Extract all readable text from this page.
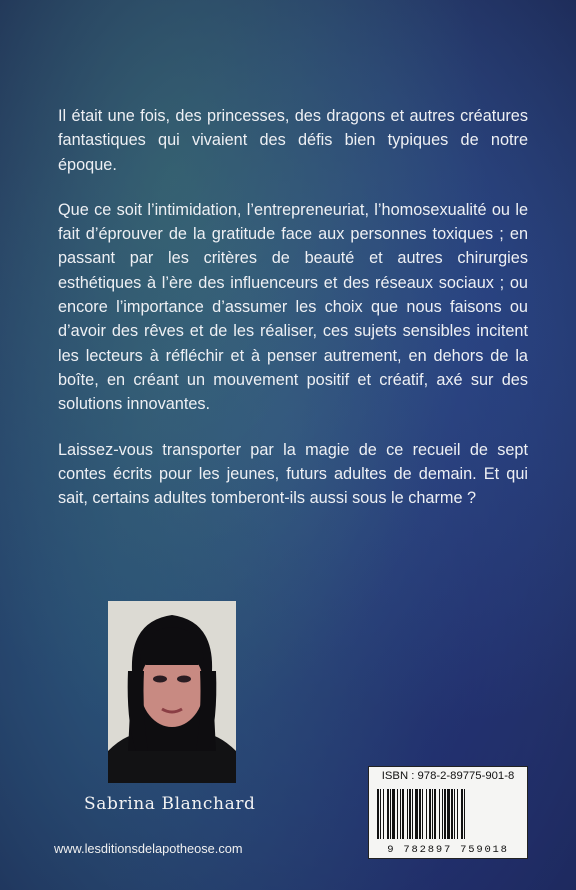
Il était une fois, des princesses, des dragons et autres créatures fantastiques qui vivaient des défis bien typiques de notre époque.

Que ce soit l’intimidation, l’entrepreneuriat, l’homosexualité ou le fait d’éprouver de la gratitude face aux personnes toxiques ; en passant par les critères de beauté et autres chirurgies esthétiques à l’ère des influenceurs et des réseaux sociaux ; ou encore l’importance d’assumer les choix que nous faisons ou d’avoir des rêves et de les réaliser, ces sujets sensibles incitent les lecteurs à réfléchir et à penser autrement, en dehors de la boîte, en créant un mouvement positif et créatif, axé sur des solutions innovantes.

Laissez-vous transporter par la magie de ce recueil de sept contes écrits pour les jeunes, futurs adultes de demain. Et qui sait, certains adultes tomberont-ils aussi sous le charme ?

Sabrina Blanchard
www.lesditionsdelapotheose.com
ISBN : 978-2-89775-901-8
9 782897 759018
